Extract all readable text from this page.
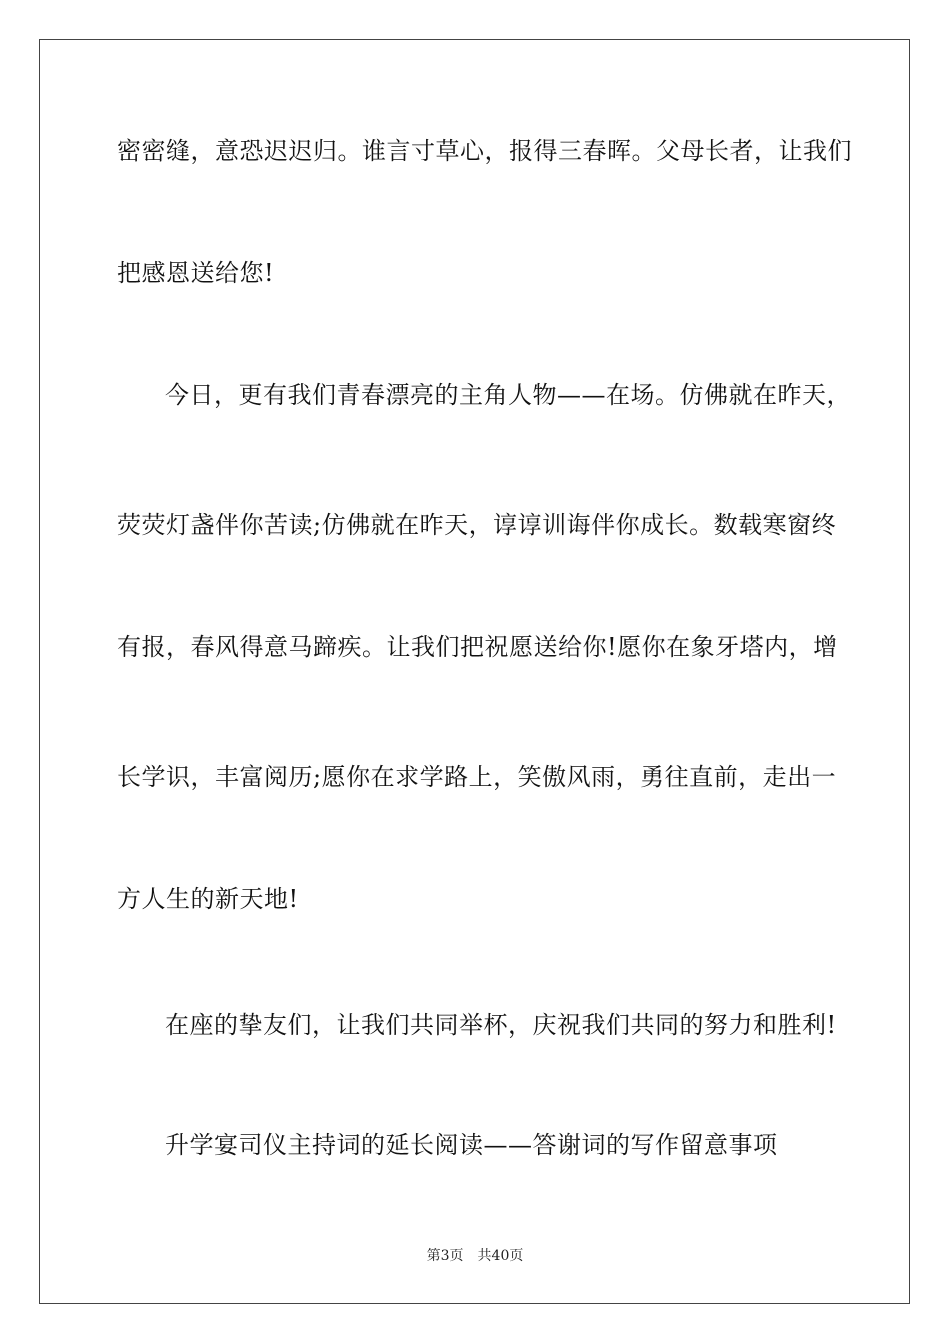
密密缝，意恐迟迟归。谁言寸草心，报得三春晖。父母长者，让我们
把感恩送给您!
今日，更有我们青春漂亮的主角人物——在场。仿佛就在昨天，
荧荧灯盏伴你苦读;仿佛就在昨天，谆谆训诲伴你成长。数载寒窗终
有报，春风得意马蹄疾。让我们把祝愿送给你!愿你在象牙塔内，增
长学识，丰富阅历;愿你在求学路上，笑傲风雨，勇往直前，走出一
方人生的新天地!
在座的挚友们，让我们共同举杯，庆祝我们共同的努力和胜利!
升学宴司仪主持词的延长阅读——答谢词的写作留意事项
第3页 共40页
